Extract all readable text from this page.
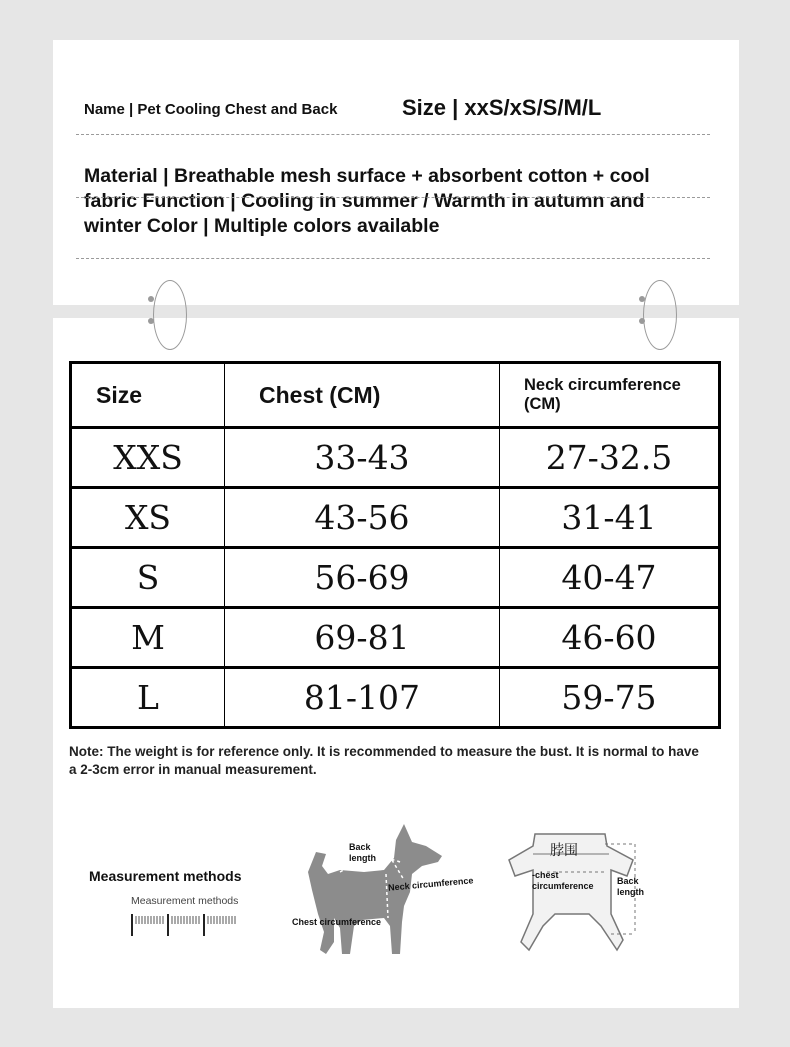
Name | Pet Cooling Chest and Back	Size | xxS/xS/S/M/L
Material | Breathable mesh surface + absorbent cotton + cool fabric Function | Cooling in summer / Warmth in autumn and winter Color | Multiple colors available
Size	Chest (CM)	Neck circumference (CM)
XXS	33-43	27-32.5
XS	43-56	31-41
S	56-69	40-47
M	69-81	46-60
L	81-107	59-75
Note: The weight is for reference only. It is recommended to measure the bust. It is normal to have a 2-3cm error in manual measurement.
Measurement methods
Measurement methods
Back length
Neck circumference
Chest circumference
脖围
-chest circumference	Back length
